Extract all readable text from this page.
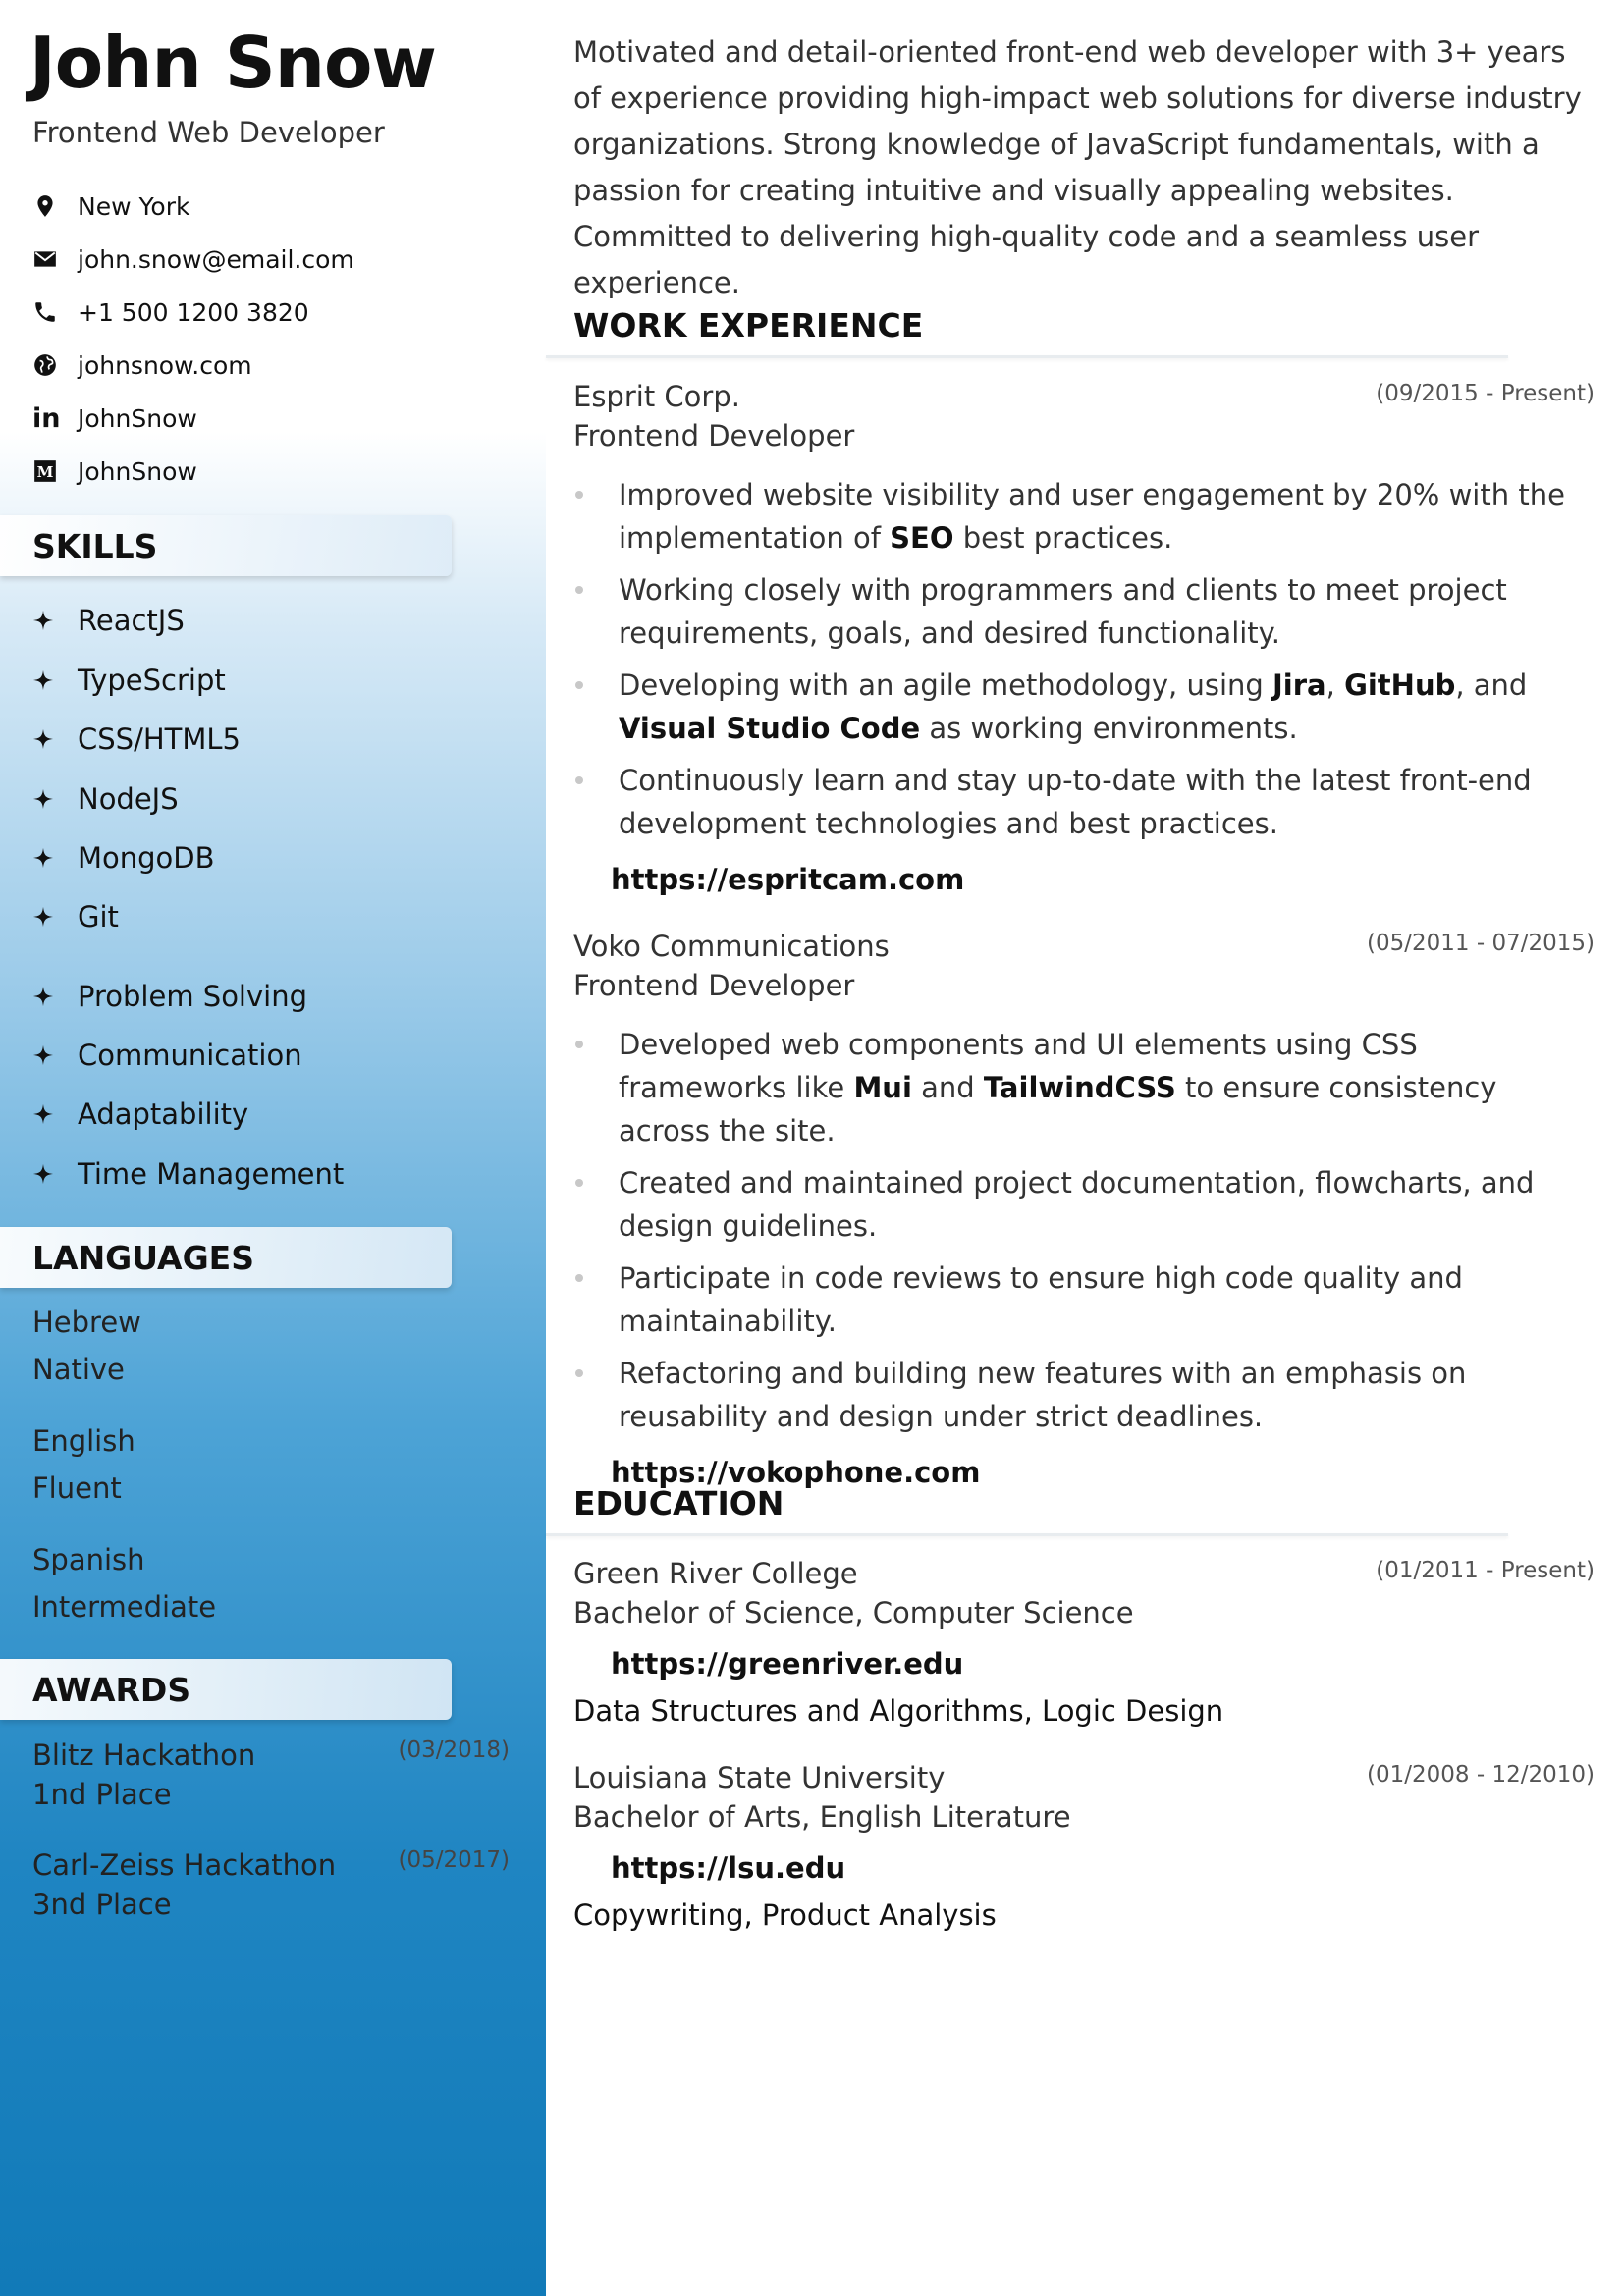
John Snow
Frontend Web Developer
New York
john.snow@email.com
+1 500 1200 3820
johnsnow.com
in JohnSnow
M JohnSnow
SKILLS
ReactJS
TypeScript
CSS/HTML5
NodeJS
MongoDB
Git
Problem Solving
Communication
Adaptability
Time Management
LANGUAGES
Hebrew
Native
English
Fluent
Spanish
Intermediate
AWARDS
Blitz Hackathon
1nd Place
(03/2018)
Carl-Zeiss Hackathon
3nd Place
(05/2017)
Motivated and detail-oriented front-end web developer with 3+ years of experience providing high-impact web solutions for diverse industry organizations. Strong knowledge of JavaScript fundamentals, with a passion for creating intuitive and visually appealing websites. Committed to delivering high-quality code and a seamless user experience.
WORK EXPERIENCE
Esprit Corp.
Frontend Developer
(09/2015 - Present)
Improved website visibility and user engagement by 20% with the implementation of SEO best practices.
Working closely with programmers and clients to meet project requirements, goals, and desired functionality.
Developing with an agile methodology, using Jira, GitHub, and Visual Studio Code as working environments.
Continuously learn and stay up-to-date with the latest front-end development technologies and best practices.
https://espritcam.com
Voko Communications
Frontend Developer
(05/2011 - 07/2015)
Developed web components and UI elements using CSS frameworks like Mui and TailwindCSS to ensure consistency across the site.
Created and maintained project documentation, flowcharts, and design guidelines.
Participate in code reviews to ensure high code quality and maintainability.
Refactoring and building new features with an emphasis on reusability and design under strict deadlines.
https://vokophone.com
EDUCATION
Green River College
Bachelor of Science, Computer Science
(01/2011 - Present)
https://greenriver.edu
Data Structures and Algorithms, Logic Design
Louisiana State University
Bachelor of Arts, English Literature
(01/2008 - 12/2010)
https://lsu.edu
Copywriting, Product Analysis
